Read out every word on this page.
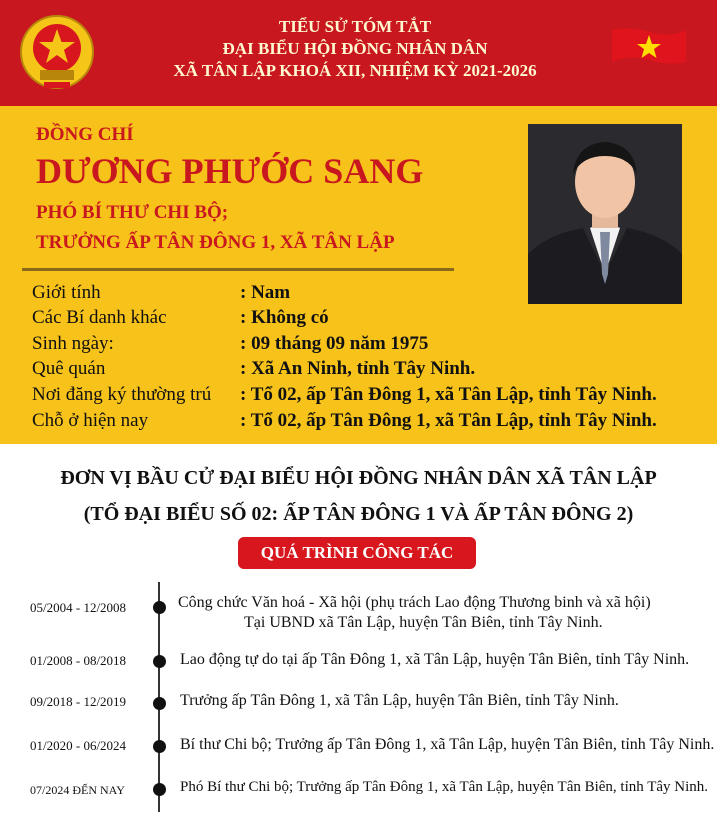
TIỂU SỬ TÓM TẮT
ĐẠI BIỂU HỘI ĐỒNG NHÂN DÂN
XÃ TÂN LẬP KHOÁ XII, NHIỆM KỲ 2021-2026
ĐỒNG CHÍ
DƯƠNG PHƯỚC SANG
PHÓ BÍ THƯ CHI BỘ;
TRƯỞNG ẤP TÂN ĐÔNG 1, XÃ TÂN LẬP
Giới tính	: Nam
Các Bí danh khác	: Không có
Sinh ngày:	: 09 tháng 09 năm 1975
Quê quán	: Xã An Ninh, tỉnh Tây Ninh.
Nơi đăng ký thường trú : Tổ 02, ấp Tân Đông 1, xã Tân Lập, tỉnh Tây Ninh.
Chỗ ở hiện nay	: Tổ 02, ấp Tân Đông 1, xã Tân Lập, tỉnh Tây Ninh.
ĐƠN VỊ BẦU CỬ ĐẠI BIỂU HỘI ĐỒNG NHÂN DÂN XÃ TÂN LẬP
(TỔ ĐẠI BIỂU SỐ 02: ẤP TÂN ĐÔNG 1 VÀ ẤP TÂN ĐÔNG 2)
QUÁ TRÌNH CÔNG TÁC
05/2004 - 12/2008	Công chức Văn hoá - Xã hội (phụ trách Lao động Thương binh và xã hội)
Tại UBND xã Tân Lập, huyện Tân Biên, tỉnh Tây Ninh.
01/2008 - 08/2018	Lao động tự do tại ấp Tân Đông 1, xã Tân Lập, huyện Tân Biên, tỉnh Tây Ninh.
09/2018 - 12/2019	Trưởng ấp Tân Đông 1, xã Tân Lập, huyện Tân Biên, tỉnh Tây Ninh.
01/2020 - 06/2024	Bí thư Chi bộ; Trưởng ấp Tân Đông 1, xã Tân Lập, huyện Tân Biên, tỉnh Tây Ninh.
07/2024 ĐẾN NAY	Phó Bí thư Chi bộ; Trưởng ấp Tân Đông 1, xã Tân Lập, huyện Tân Biên, tỉnh Tây Ninh.
